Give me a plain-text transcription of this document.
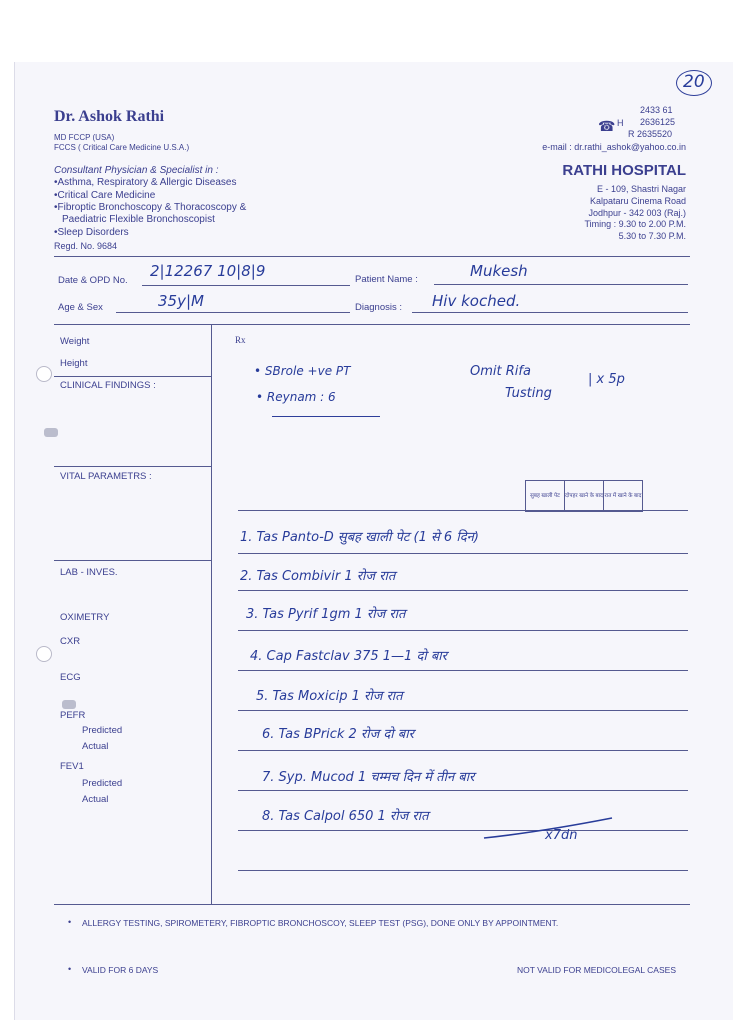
20
Dr. Ashok Rathi
MD FCCP (USA)
FCCS ( Critical Care Medicine U.S.A.)
Consultant Physician & Specialist in :
•Asthma, Respiratory & Allergic Diseases
•Critical Care Medicine
•Fibroptic Bronchoscopy & Thoracoscopy &
Paediatric Flexible Bronchoscopist
•Sleep Disorders
Regd. No. 9684
☎ H
2433 61
2636125
R 2635520
e-mail : dr.rathi_ashok@yahoo.co.in
RATHI HOSPITAL
E - 109, Shastri Nagar
Kalpataru Cinema Road
Jodhpur - 342 003 (Raj.)
Timing : 9.30 to 2.00 P.M.
5.30 to 7.30 P.M.
Date & OPD No.
2|12267 10|8|9	Patient Name :	Mukesh
Age & Sex	35y|M	Diagnosis : Hiv koched.
Weight
Height
CLINICAL FINDINGS :
VITAL PARAMETRS :
LAB - INVES.
OXIMETRY
CXR
ECG
PEFR
Predicted
Actual
FEV1
Predicted
Actual
Rx
• SBrole +ve PT
• Reynam : 6
Omit Rifa
Tusting
| x 5p
सुबह खाली पेट दोपहर खाने के बाद रात में खाने के बाद
1. Tas Panto-D सुबह खाली पेट (1 से 6 दिन)
2. Tas Combivir 1 रोज रात
3. Tas Pyrif 1gm 1 रोज रात
4. Cap Fastclav 375 1—1 दो बार
5. Tas Moxicip 1 रोज रात
6. Tas BPrick 2 रोज दो बार
7. Syp. Mucod 1 चम्मच दिन में तीन बार
8. Tas Calpol 650 1 रोज रात
x7dn
• ALLERGY TESTING, SPIROMETERY, FIBROPTIC BRONCHOSCOY, SLEEP TEST (PSG), DONE ONLY BY APPOINTMENT.
• VALID FOR 6 DAYS	NOT VALID FOR MEDICOLEGAL CASES
